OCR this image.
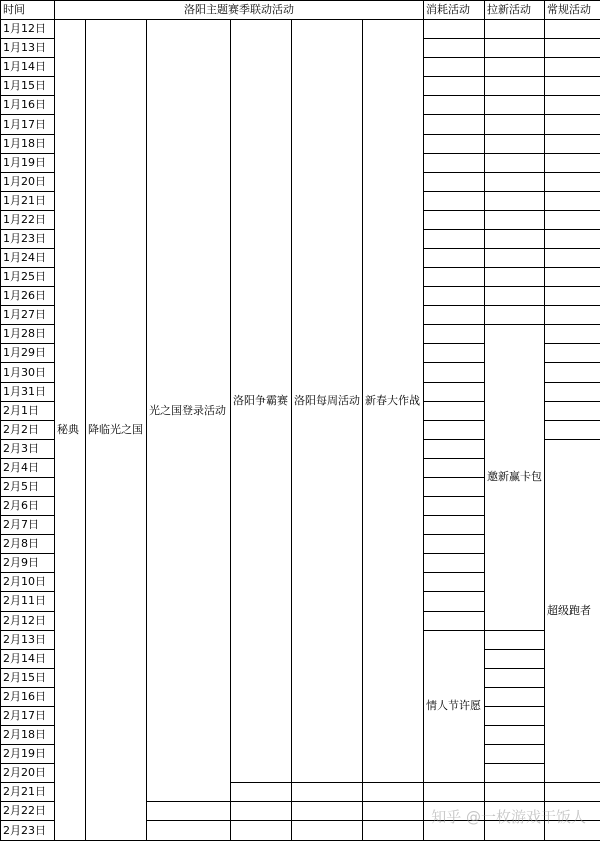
时间	洛阳主题赛季联动活动						消耗活动	拉新活动	常规活动
1月12日	秘典	降临光之国	光之国登录活动	洛阳争霸赛	洛阳每周活动	新春大作战			
1月13日									
1月14日									
1月15日									
1月16日									
1月17日									
1月18日									
1月19日									
1月20日									
1月21日									
1月22日									
1月23日									
1月24日									
1月25日									
1月26日									
1月27日									
1月28日								邀新赢卡包	
1月29日									
1月30日									
1月31日									
2月1日									
2月2日									
2月3日									超级跑者
2月4日									
2月5日									
2月6日									
2月7日									
2月8日									
2月9日									
2月10日									
2月11日									
2月12日									
2月13日							情人节许愿		
2月14日									
2月15日									
2月16日									
2月17日									
2月18日									
2月19日									
2月20日									
2月21日									
2月22日									
2月23日									
知乎 @一枚游戏干饭人
